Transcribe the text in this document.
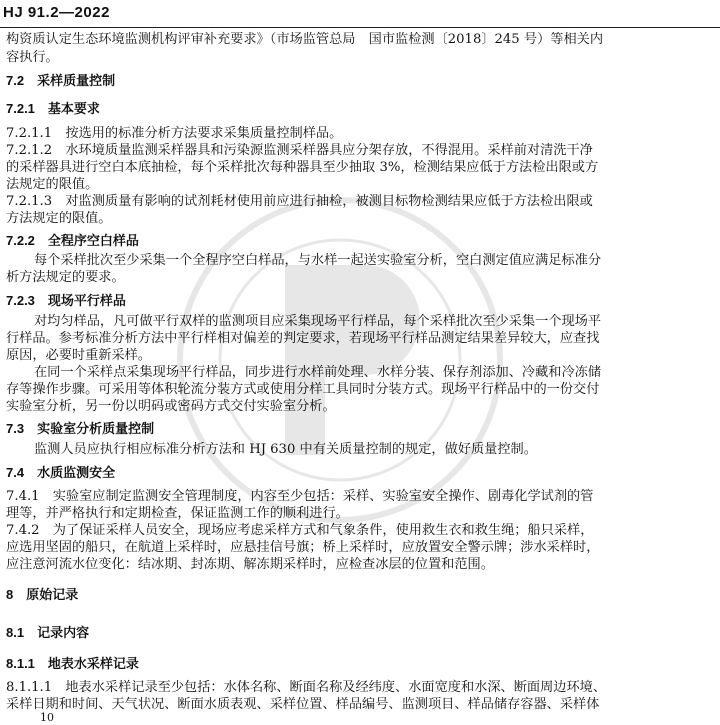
HJ 91.2—2022
构资质认定生态环境监测机构评审补充要求》（市场监管总局　国市监检测〔2018〕245 号）等相关内
容执行。
7.2　采样质量控制
7.2.1　基本要求
7.2.1.1　按选用的标准分析方法要求采集质量控制样品。
7.2.1.2　水环境质量监测采样器具和污染源监测采样器具应分架存放，不得混用。采样前对清洗干净
的采样器具进行空白本底抽检，每个采样批次每种器具至少抽取 3%，检测结果应低于方法检出限或方
法规定的限值。
7.2.1.3　对监测质量有影响的试剂耗材使用前应进行抽检，被测目标物检测结果应低于方法检出限或
方法规定的限值。
7.2.2　全程序空白样品
每个采样批次至少采集一个全程序空白样品，与水样一起送实验室分析，空白测定值应满足标准分
析方法规定的要求。
7.2.3　现场平行样品
对均匀样品，凡可做平行双样的监测项目应采集现场平行样品，每个采样批次至少采集一个现场平
行样品。参考标准分析方法中平行样相对偏差的判定要求，若现场平行样品测定结果差异较大，应查找
原因，必要时重新采样。
在同一个采样点采集现场平行样品，同步进行水样前处理、水样分装、保存剂添加、冷藏和冷冻储
存等操作步骤。可采用等体积轮流分装方式或使用分样工具同时分装方式。现场平行样品中的一份交付
实验室分析，另一份以明码或密码方式交付实验室分析。
7.3　实验室分析质量控制
监测人员应执行相应标准分析方法和 HJ 630 中有关质量控制的规定，做好质量控制。
7.4　水质监测安全
7.4.1　实验室应制定监测安全管理制度，内容至少包括：采样、实验室安全操作、剧毒化学试剂的管
理等，并严格执行和定期检查，保证监测工作的顺利进行。
7.4.2　为了保证采样人员安全，现场应考虑采样方式和气象条件，使用救生衣和救生绳；船只采样，
应选用坚固的船只，在航道上采样时，应悬挂信号旗；桥上采样时，应放置安全警示牌；涉水采样时，
应注意河流水位变化：结冰期、封冻期、解冻期采样时，应检查冰层的位置和范围。
8　原始记录
8.1　记录内容
8.1.1　地表水采样记录
8.1.1.1　地表水采样记录至少包括：水体名称、断面名称及经纬度、水面宽度和水深、断面周边环境、
采样日期和时间、天气状况、断面水质表观、采样位置、样品编号、监测项目、样品储存容器、采样体
10
